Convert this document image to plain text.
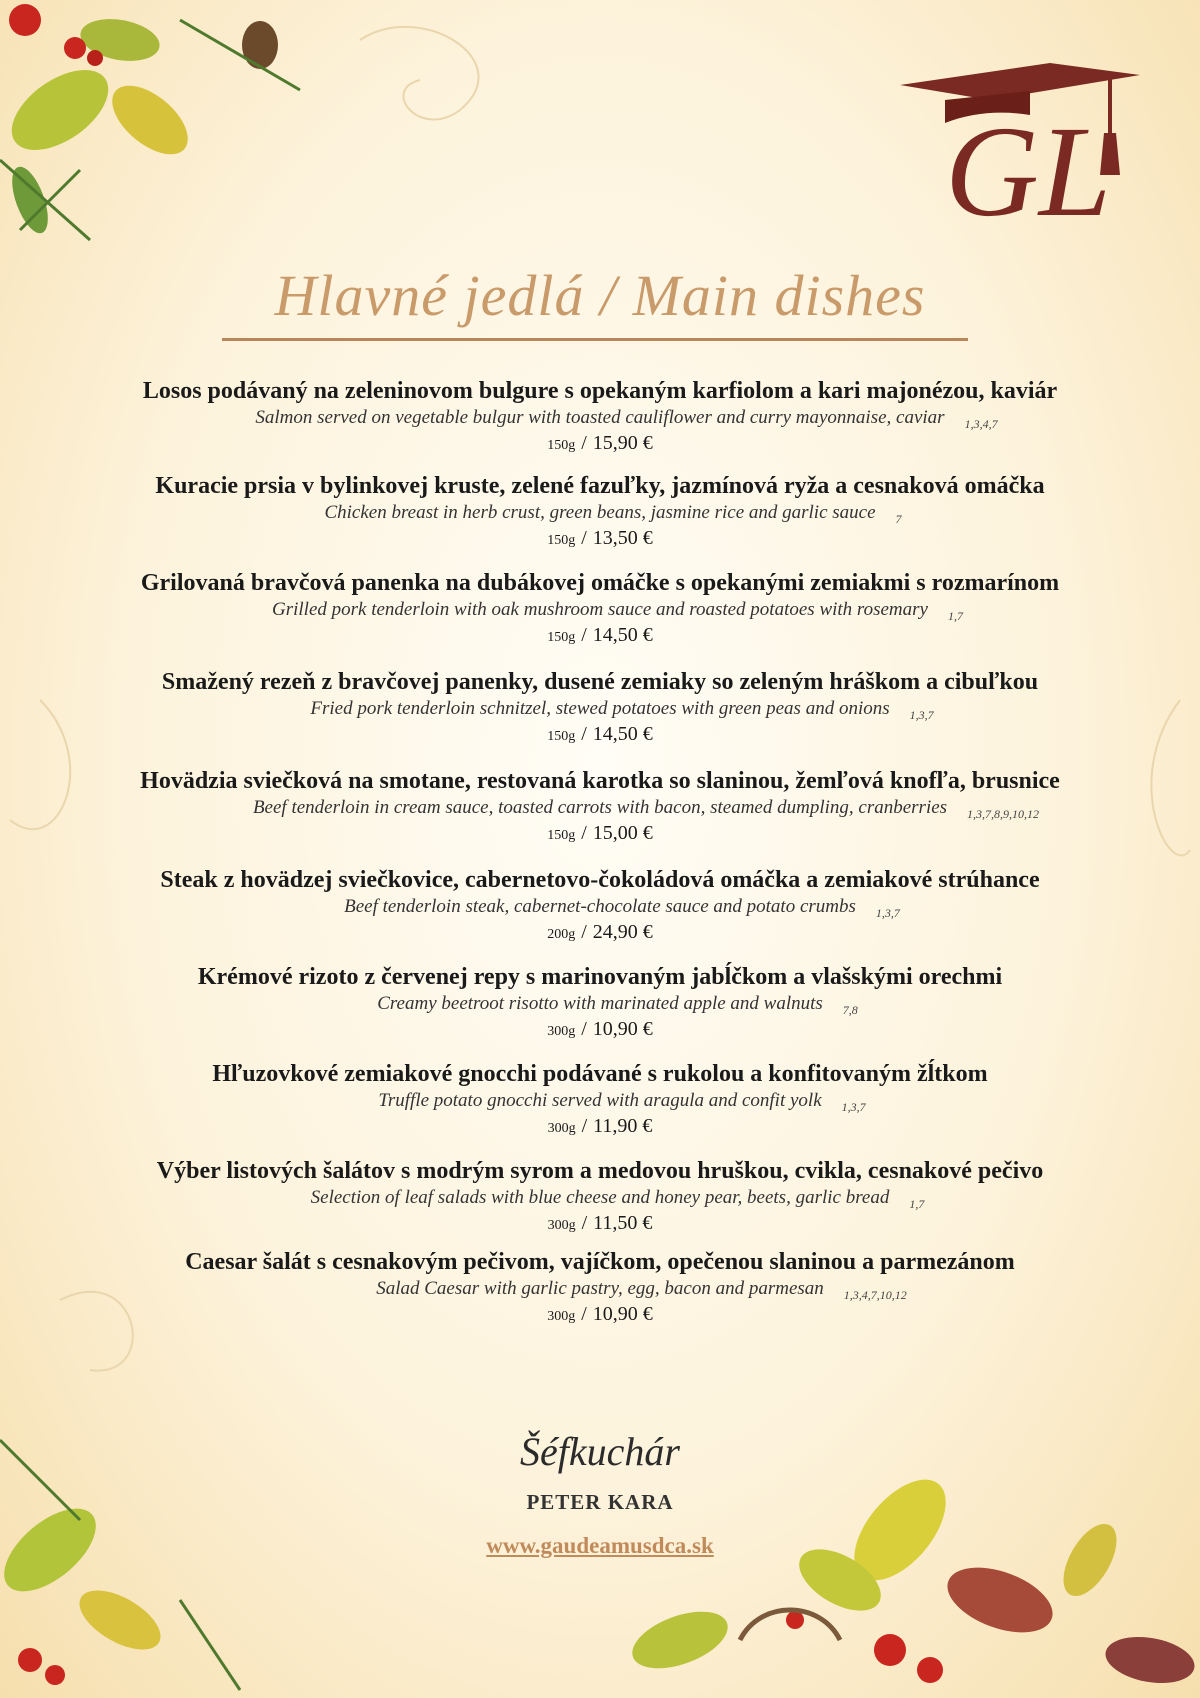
GL
Hlavné jedlá / Main dishes
Losos podávaný na zeleninovom bulgure s opekaným karfiolom a kari majonézou, kaviár
Salmon served on vegetable bulgur with toasted cauliflower and curry mayonnaise, caviar 1,3,4,7
150g / 15,90 €
Kuracie prsia v bylinkovej kruste, zelené fazuľky, jazmínová ryža a cesnaková omáčka
Chicken breast in herb crust, green beans, jasmine rice and garlic sauce 7
150g / 13,50 €
Grilovaná bravčová panenka na dubákovej omáčke s opekanými zemiakmi s rozmarínom
Grilled pork tenderloin with oak mushroom sauce and roasted potatoes with rosemary 1,7
150g / 14,50 €
Smažený rezeň z bravčovej panenky, dusené zemiaky so zeleným hráškom a cibuľkou
Fried pork tenderloin schnitzel, stewed potatoes with green peas and onions 1,3,7
150g / 14,50 €
Hovädzia sviečková na smotane, restovaná karotka so slaninou, žemľová knofľa, brusnice
Beef tenderloin in cream sauce, toasted carrots with bacon, steamed dumpling, cranberries 1,3,7,8,9,10,12
150g / 15,00 €
Steak z hovädzej sviečkovice, cabernetovo-čokoládová omáčka a zemiakové strúhance
Beef tenderloin steak, cabernet-chocolate sauce and potato crumbs 1,3,7
200g / 24,90 €
Krémové rizoto z červenej repy s marinovaným jabĺčkom a vlašskými orechmi
Creamy beetroot risotto with marinated apple and walnuts 7,8
300g / 10,90 €
Hľuzovkové zemiakové gnocchi podávané s rukolou a konfitovaným žĺtkom
Truffle potato gnocchi served with aragula and confit yolk 1,3,7
300g / 11,90 €
Výber listových šalátov s modrým syrom a medovou hruškou, cvikla, cesnakové pečivo
Selection of leaf salads with blue cheese and honey pear, beets, garlic bread 1,7
300g / 11,50 €
Caesar šalát s cesnakovým pečivom, vajíčkom, opečenou slaninou a parmezánom
Salad Caesar with garlic pastry, egg, bacon and parmesan 1,3,4,7,10,12
300g / 10,90 €
Šéfkuchár
PETER KARA
www.gaudeamusdca.sk
